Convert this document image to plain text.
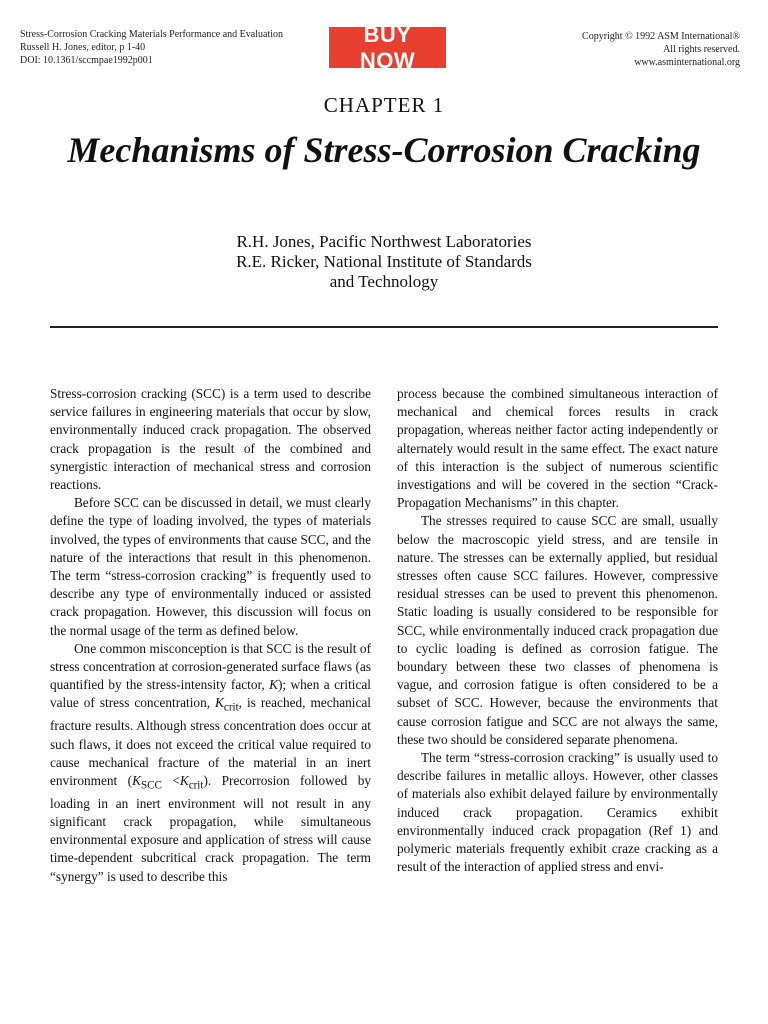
Stress-Corrosion Cracking Materials Performance and Evaluation
Russell H. Jones, editor, p 1-40
DOI: 10.1361/sccmpae1992p001
BUY NOW
Copyright © 1992 ASM International®
All rights reserved.
www.asminternational.org
CHAPTER 1
Mechanisms of Stress-Corrosion Cracking
R.H. Jones, Pacific Northwest Laboratories
R.E. Ricker, National Institute of Standards
and Technology

Stress-corrosion cracking (SCC) is a term used to describe service failures in engineering materials that occur by slow, environmentally induced crack propagation. The observed crack propagation is the result of the combined and synergistic interaction of mechanical stress and corrosion reactions.

Before SCC can be discussed in detail, we must clearly define the type of loading involved, the types of materials involved, the types of environments that cause SCC, and the nature of the interactions that result in this phenomenon. The term “stress-corrosion cracking” is frequently used to describe any type of environmentally induced or assisted crack propagation. However, this discussion will focus on the normal usage of the term as defined below.

One common misconception is that SCC is the result of stress concentration at corrosion-generated surface flaws (as quantified by the stress-intensity factor, K); when a critical value of stress concentration, $K_{crit}$, is reached, mechanical fracture results. Although stress concentration does occur at such flaws, it does not exceed the critical value required to cause mechanical fracture of the material in an inert environment $(K_{SCC} <K_{crit})$. Precorrosion followed by loading in an inert environment will not result in any significant crack propagation, while simultaneous environmental exposure and application of stress will cause time-dependent subcritical crack propagation. The term “synergy” is used to describe this

process because the combined simultaneous interaction of mechanical and chemical forces results in crack propagation, whereas neither factor acting independently or alternately would result in the same effect. The exact nature of this interaction is the subject of numerous scientific investigations and will be covered in the section “Crack-Propagation Mechanisms” in this chapter.

The stresses required to cause SCC are small, usually below the macroscopic yield stress, and are tensile in nature. The stresses can be externally applied, but residual stresses often cause SCC failures. However, compressive residual stresses can be used to prevent this phenomenon. Static loading is usually considered to be responsible for SCC, while environmentally induced crack propagation due to cyclic loading is defined as corrosion fatigue. The boundary between these two classes of phenomena is vague, and corrosion fatigue is often considered to be a subset of SCC. However, because the environments that cause corrosion fatigue and SCC are not always the same, these two should be considered separate phenomena.

The term “stress-corrosion cracking” is usually used to describe failures in metallic alloys. However, other classes of materials also exhibit delayed failure by environmentally induced crack propagation. Ceramics exhibit environmentally induced crack propagation (Ref 1) and polymeric materials frequently exhibit craze cracking as a result of the interaction of applied stress and envi-
